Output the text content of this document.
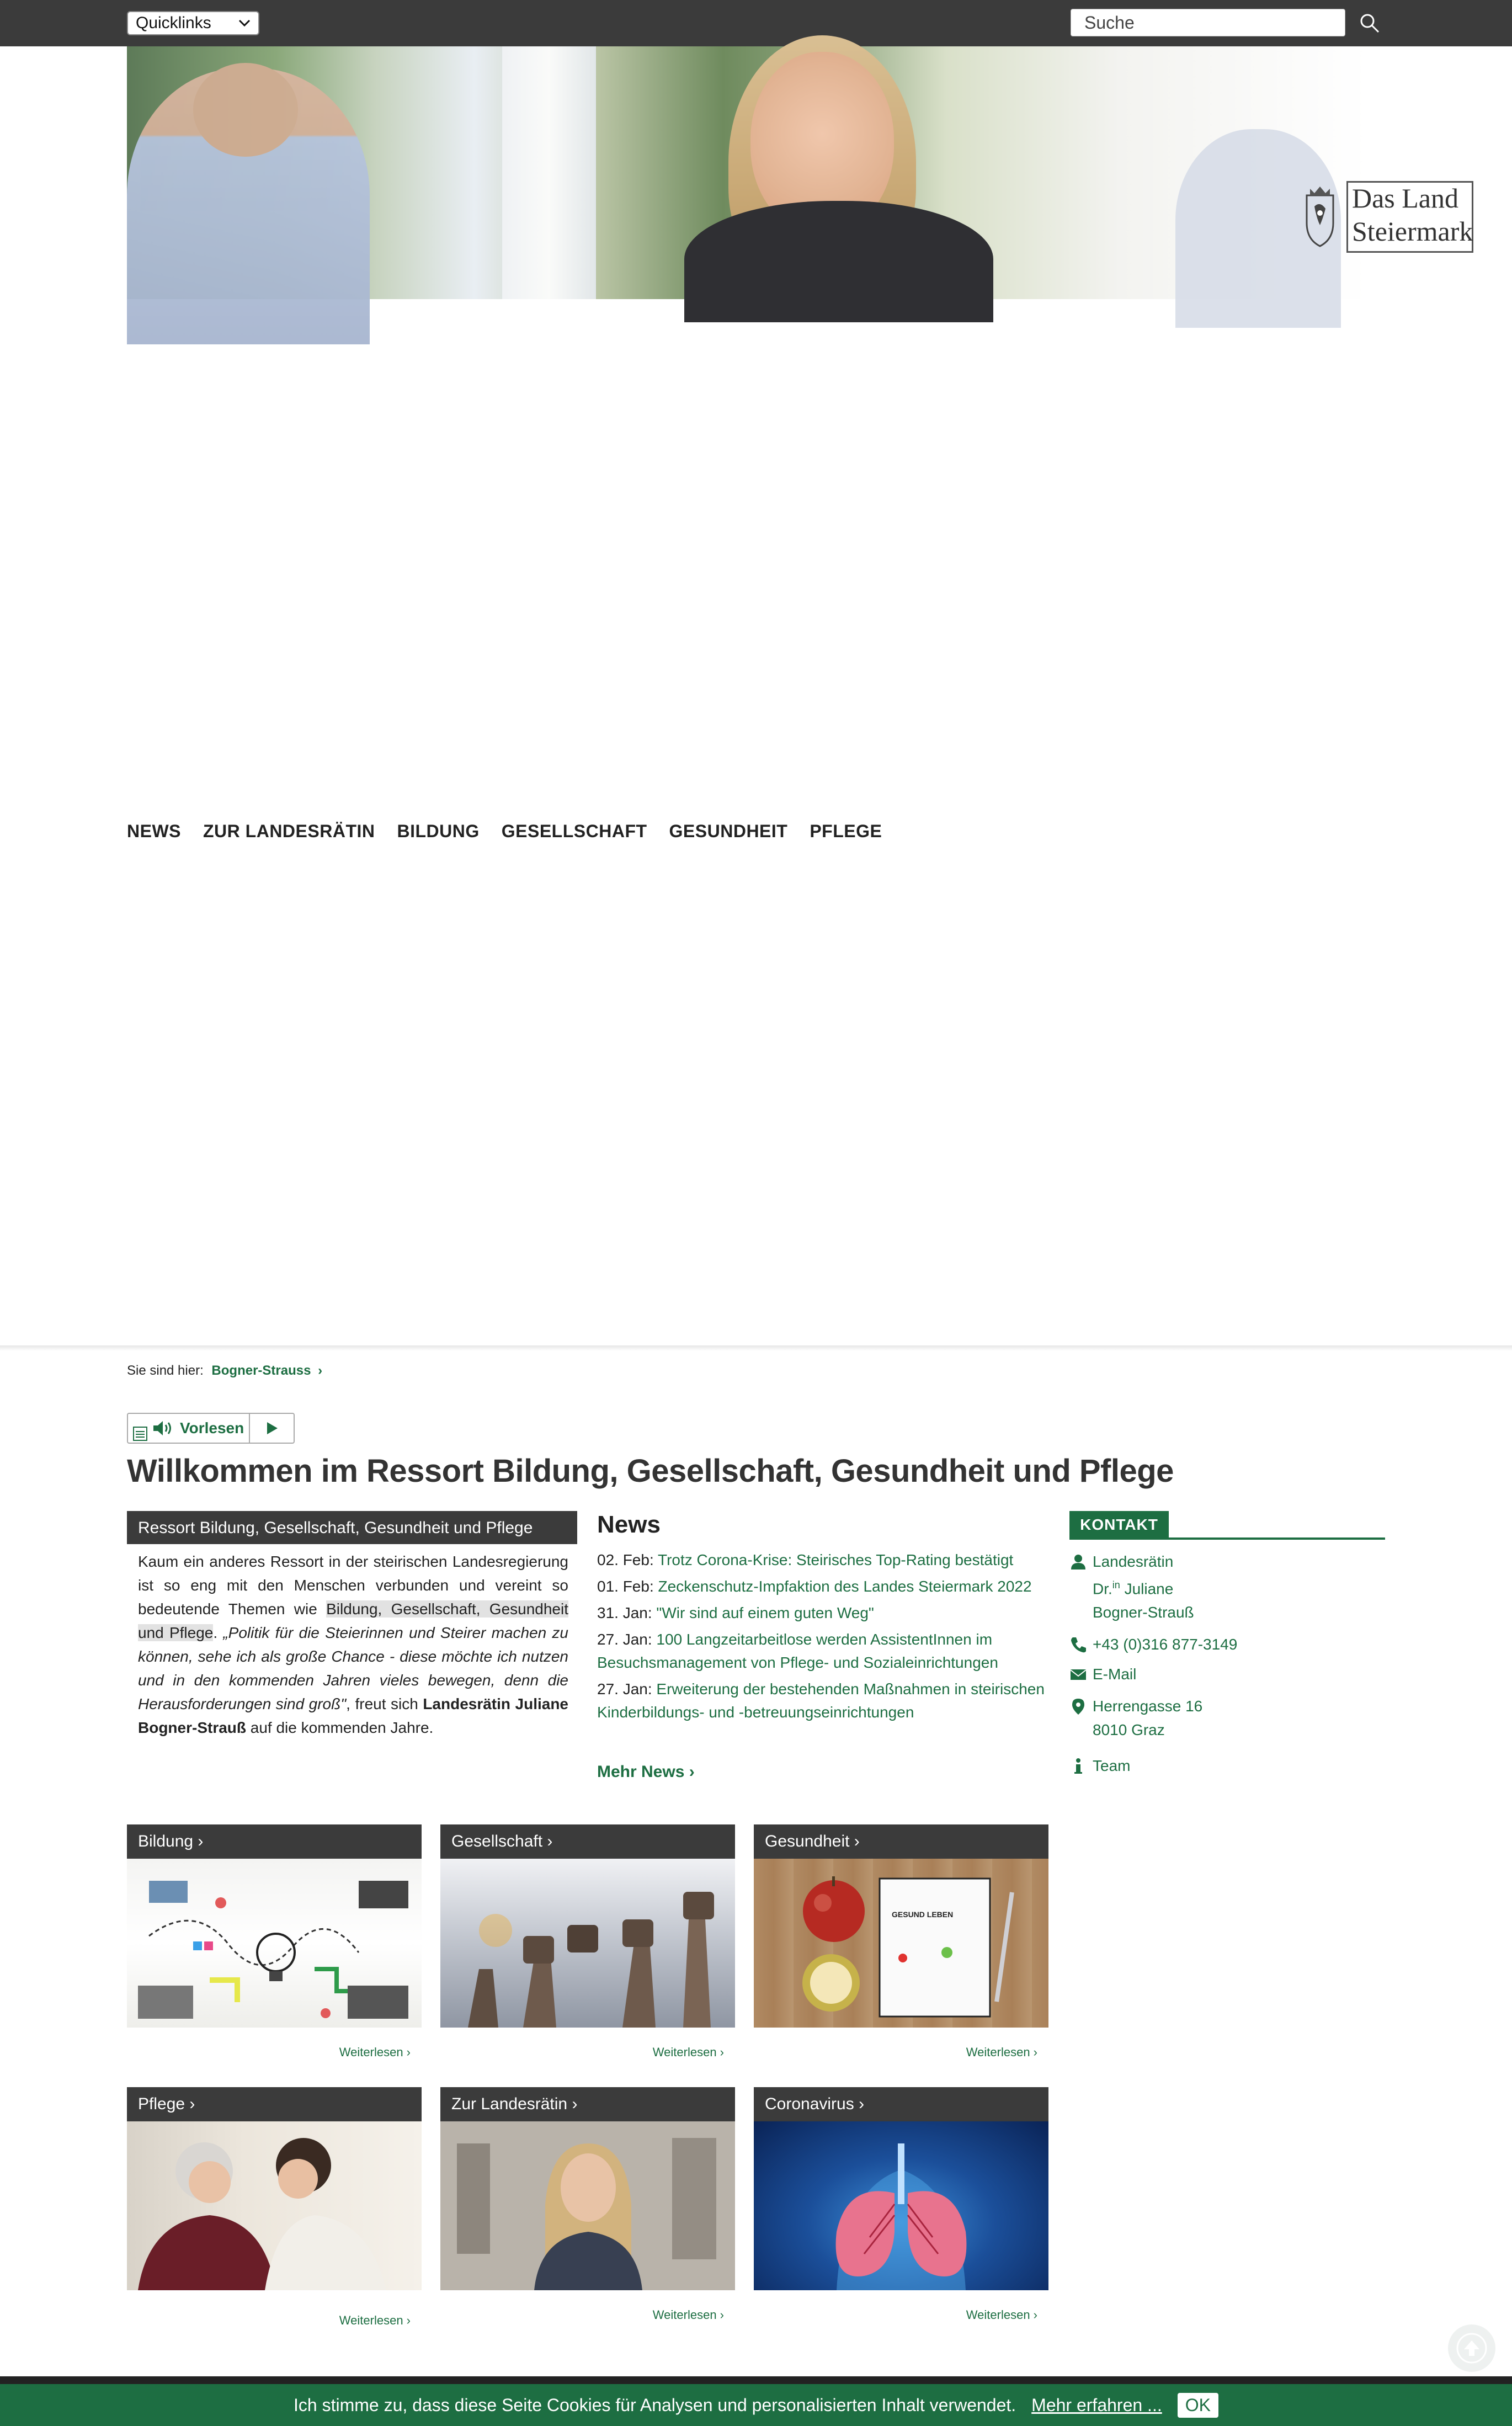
Quicklinks
Suche
Das Land
Steiermark
NEWS ZUR LANDESRÄTIN BILDUNG GESELLSCHAFT GESUNDHEIT PFLEGE
Sie sind hier: Bogner-Strauss ›
Vorlesen
Willkommen im Ressort Bildung, Gesellschaft, Gesundheit und Pflege
Ressort Bildung, Gesellschaft, Gesundheit und Pflege
Kaum ein anderes Ressort in der steirischen Landesregierung ist so eng mit den Menschen verbunden und vereint so bedeutende Themen wie Bildung, Gesellschaft, Gesundheit und Pflege. „Politik für die Steierinnen und Steirer machen zu können, sehe ich als große Chance - diese möchte ich nutzen und in den kommenden Jahren vieles bewegen, denn die Herausforderungen sind groß", freut sich Landesrätin Juliane Bogner-Strauß auf die kommenden Jahre.
News
02. Feb: Trotz Corona-Krise: Steirisches Top-Rating bestätigt
01. Feb: Zeckenschutz-Impfaktion des Landes Steiermark 2022
31. Jan: "Wir sind auf einem guten Weg"
27. Jan: 100 Langzeitarbeitlose werden AssistentInnen im Besuchsmanagement von Pflege- und Sozialeinrichtungen
27. Jan: Erweiterung der bestehenden Maßnahmen in steirischen Kinderbildungs- und -betreuungseinrichtungen
Mehr News ›
KONTAKT
Landesrätin
Dr.$^{in}$ Juliane
Bogner-Strauß
+43 (0)316 877-3149
E-Mail
Herrengasse 16
8010 Graz
Team
Bildung ›
Weiterlesen ›
Gesellschaft ›
Weiterlesen ›
Gesundheit ›
GESUND LEBEN
Weiterlesen ›
Pflege ›
Weiterlesen ›
Zur Landesrätin ›
Weiterlesen ›
Coronavirus ›
Weiterlesen ›
Ich stimme zu, dass diese Seite Cookies für Analysen und personalisierten Inhalt verwendet. Mehr erfahren ...	OK
